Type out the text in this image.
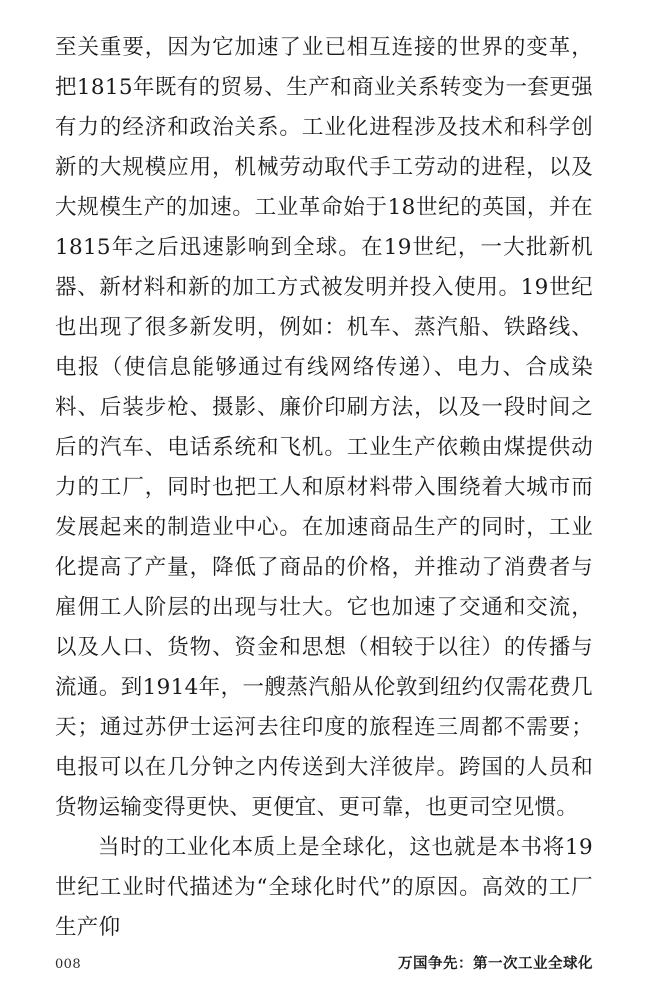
至关重要，因为它加速了业已相互连接的世界的变革，把1815年既有的贸易、生产和商业关系转变为一套更强有力的经济和政治关系。工业化进程涉及技术和科学创新的大规模应用，机械劳动取代手工劳动的进程，以及大规模生产的加速。工业革命始于18世纪的英国，并在1815年之后迅速影响到全球。在19世纪，一大批新机器、新材料和新的加工方式被发明并投入使用。19世纪也出现了很多新发明，例如：机车、蒸汽船、铁路线、电报（使信息能够通过有线网络传递）、电力、合成染料、后装步枪、摄影、廉价印刷方法，以及一段时间之后的汽车、电话系统和飞机。工业生产依赖由煤提供动力的工厂，同时也把工人和原材料带入围绕着大城市而发展起来的制造业中心。在加速商品生产的同时，工业化提高了产量，降低了商品的价格，并推动了消费者与雇佣工人阶层的出现与壮大。它也加速了交通和交流，以及人口、货物、资金和思想（相较于以往）的传播与流通。到1914年，一艘蒸汽船从伦敦到纽约仅需花费几天；通过苏伊士运河去往印度的旅程连三周都不需要；电报可以在几分钟之内传送到大洋彼岸。跨国的人员和货物运输变得更快、更便宜、更可靠，也更司空见惯。

当时的工业化本质上是全球化，这也就是本书将19世纪工业时代描述为“全球化时代”的原因。高效的工厂生产仰

008	万国争先：第一次工业全球化
